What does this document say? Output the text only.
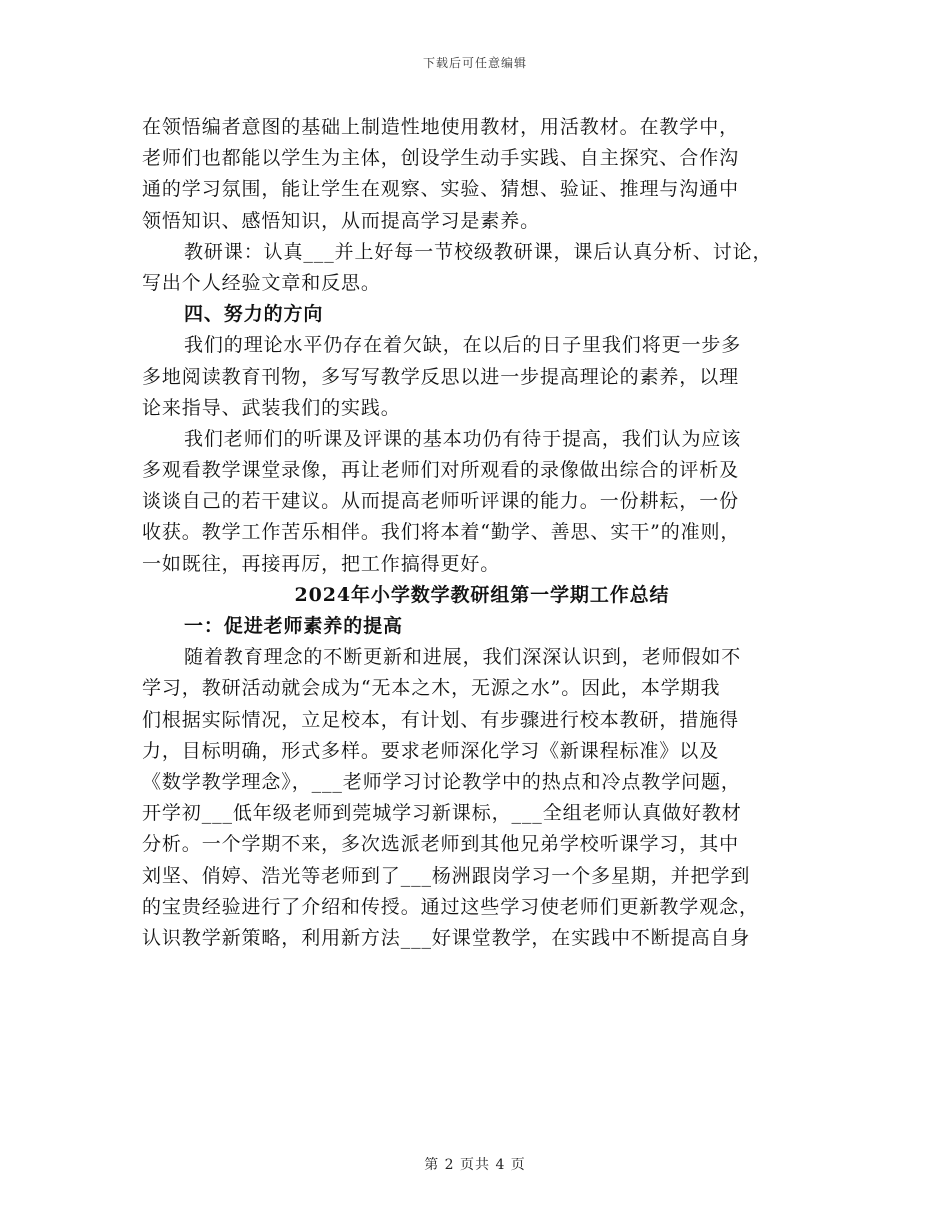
下载后可任意编辑
在领悟编者意图的基础上制造性地使用教材，用活教材。在教学中，
老师们也都能以学生为主体，创设学生动手实践、自主探究、合作沟
通的学习氛围，能让学生在观察、实验、猜想、验证、推理与沟通中
领悟知识、感悟知识，从而提高学习是素养。
教研课：认真___并上好每一节校级教研课，课后认真分析、讨论，
写出个人经验文章和反思。
四、努力的方向
我们的理论水平仍存在着欠缺，在以后的日子里我们将更一步多
多地阅读教育刊物，多写写教学反思以进一步提高理论的素养，以理
论来指导、武装我们的实践。
我们老师们的听课及评课的基本功仍有待于提高，我们认为应该
多观看教学课堂录像，再让老师们对所观看的录像做出综合的评析及
谈谈自己的若干建议。从而提高老师听评课的能力。一份耕耘，一份
收获。教学工作苦乐相伴。我们将本着“勤学、善思、实干”的准则，
一如既往，再接再厉，把工作搞得更好。
2024年小学数学教研组第一学期工作总结
一：促进老师素养的提高
随着教育理念的不断更新和进展，我们深深认识到，老师假如不
学习，教研活动就会成为“无本之木，无源之水”。因此，本学期我
们根据实际情况，立足校本，有计划、有步骤进行校本教研，措施得
力，目标明确，形式多样。要求老师深化学习《新课程标准》以及
《数学教学理念》，___老师学习讨论教学中的热点和冷点教学问题，
开学初___低年级老师到莞城学习新课标，___全组老师认真做好教材
分析。一个学期不来，多次选派老师到其他兄弟学校听课学习，其中
刘坚、俏婷、浩光等老师到了___杨洲跟岗学习一个多星期，并把学到
的宝贵经验进行了介绍和传授。通过这些学习使老师们更新教学观念，
认识教学新策略，利用新方法___好课堂教学，在实践中不断提高自身
第 2 页共 4 页
